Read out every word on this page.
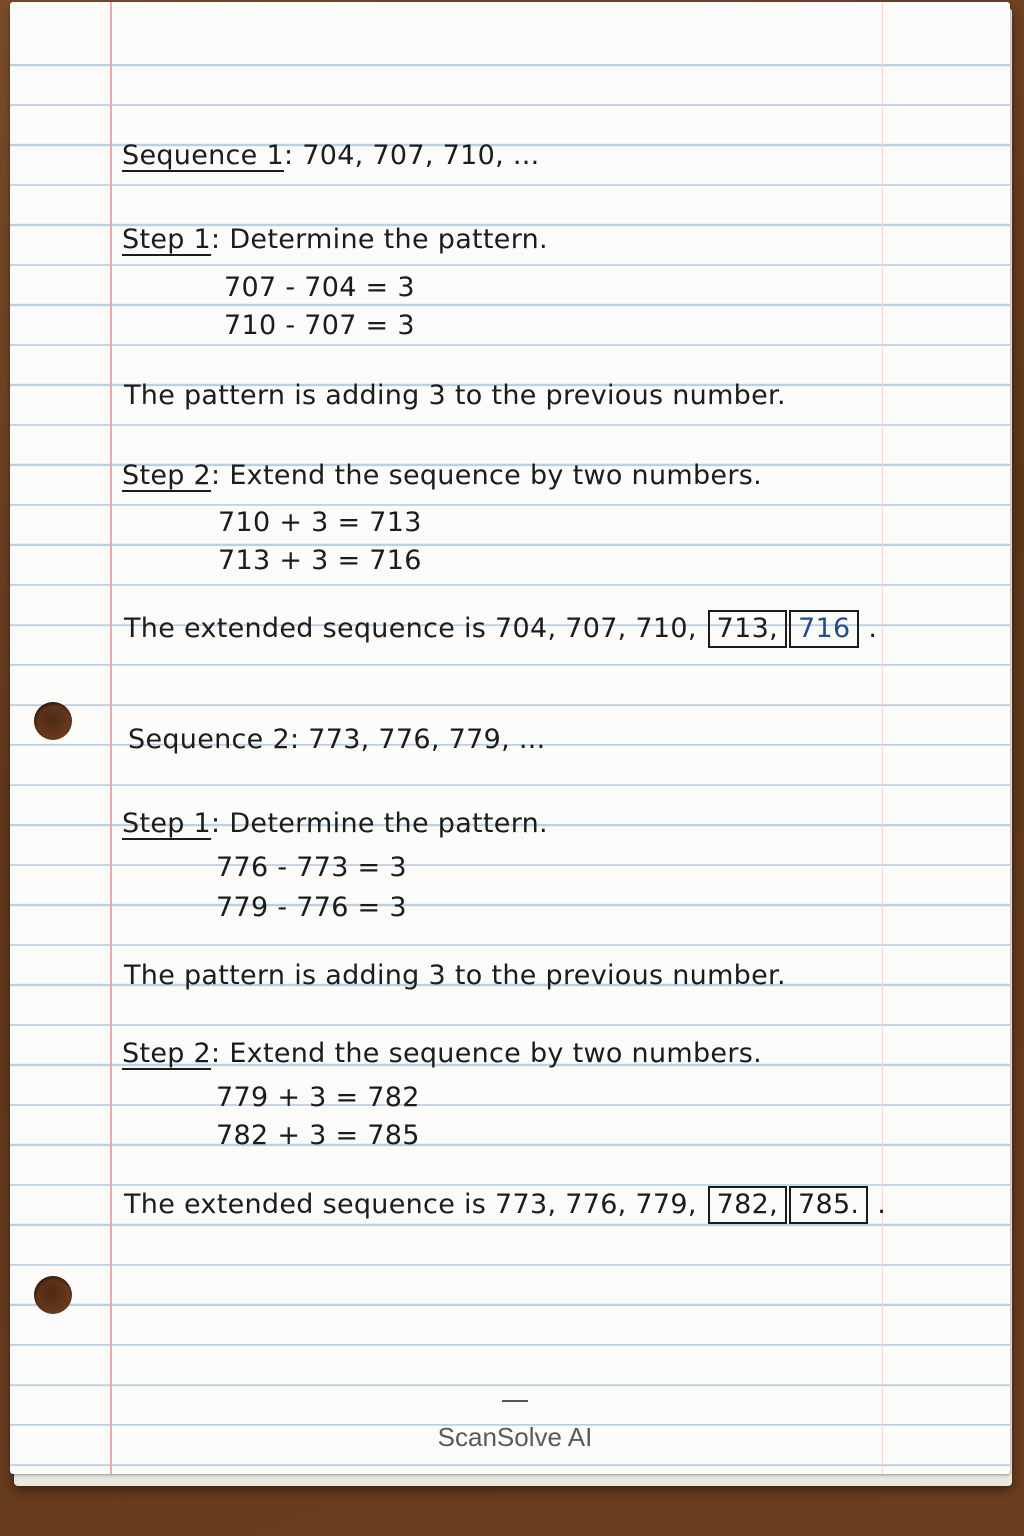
Sequence 1: 704, 707, 710, ...
Step 1: Determine the pattern.
707 - 704 = 3
710 - 707 = 3
The pattern is adding 3 to the previous number.
Step 2: Extend the sequence by two numbers.
710 + 3 = 713
713 + 3 = 716
The extended sequence is 704, 707, 710, 713, 716 .
Sequence 2: 773, 776, 779, ...
Step 1: Determine the pattern.
776 - 773 = 3
779 - 776 = 3
The pattern is adding 3 to the previous number.
Step 2: Extend the sequence by two numbers.
779 + 3 = 782
782 + 3 = 785
The extended sequence is 773, 776, 779, 782, 785. .
ScanSolve AI
